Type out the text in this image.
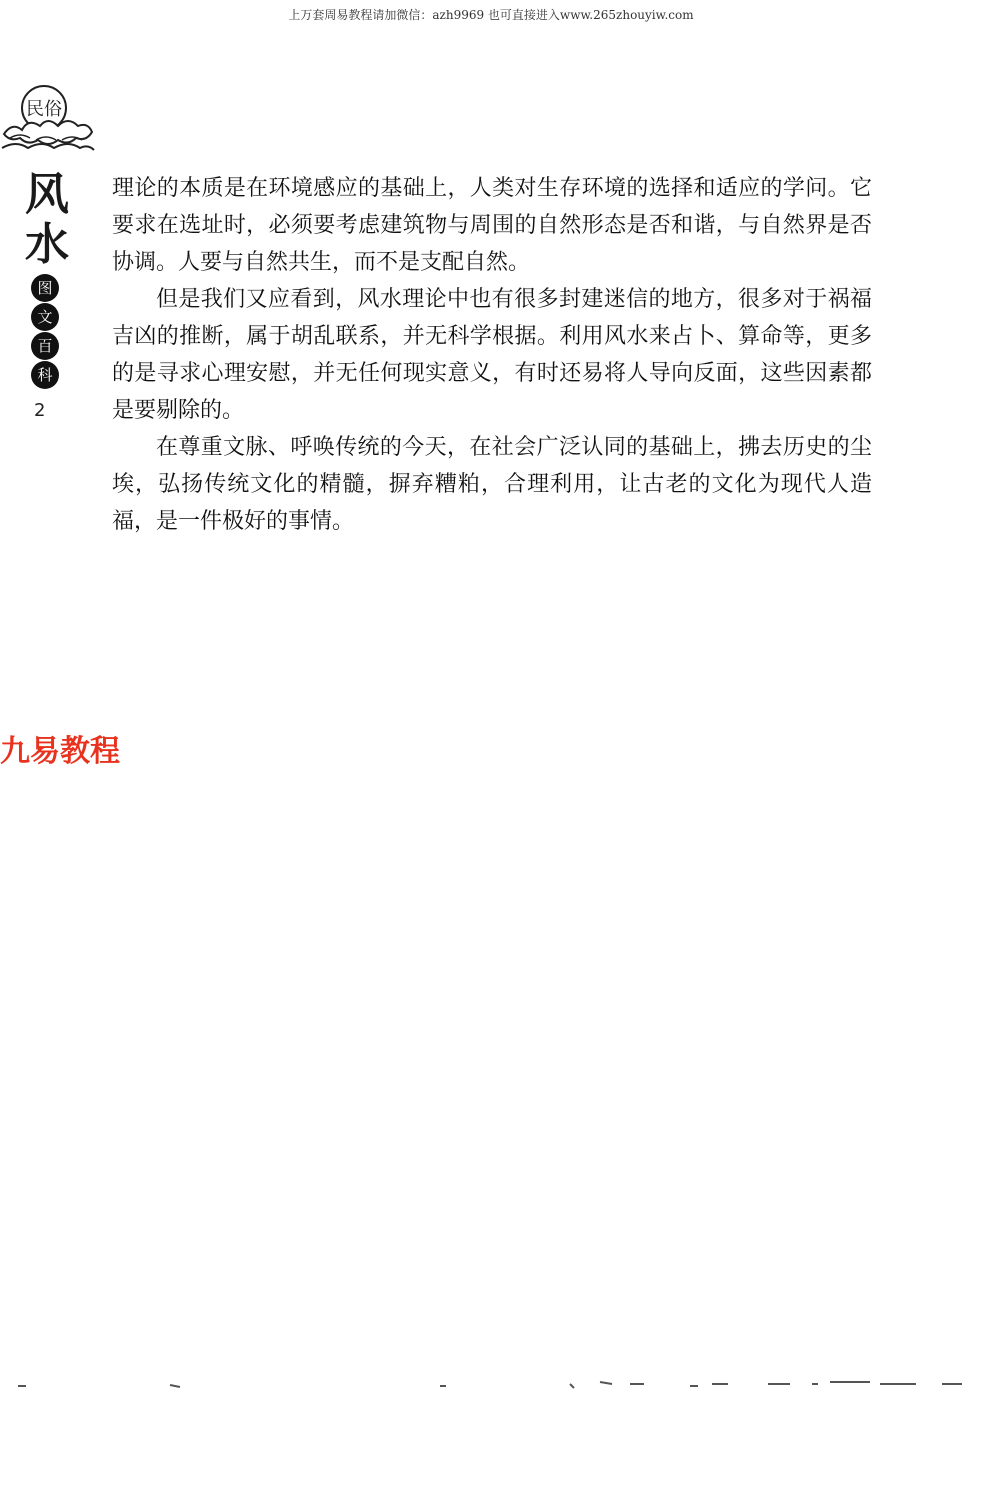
上万套周易教程请加微信：azh9969 也可直接进入www.265zhouyiw.com
民俗
风
水
图
文
百
科
2

理论的本质是在环境感应的基础上，人类对生存环境的选择和适应的学问。它要求在选址时，必须要考虑建筑物与周围的自然形态是否和谐，与自然界是否协调。人要与自然共生，而不是支配自然。

但是我们又应看到，风水理论中也有很多封建迷信的地方，很多对于祸福吉凶的推断，属于胡乱联系，并无科学根据。利用风水来占卜、算命等，更多的是寻求心理安慰，并无任何现实意义，有时还易将人导向反面，这些因素都是要剔除的。

在尊重文脉、呼唤传统的今天，在社会广泛认同的基础上，拂去历史的尘埃，弘扬传统文化的精髓，摒弃糟粕，合理利用，让古老的文化为现代人造福，是一件极好的事情。

九易教程
